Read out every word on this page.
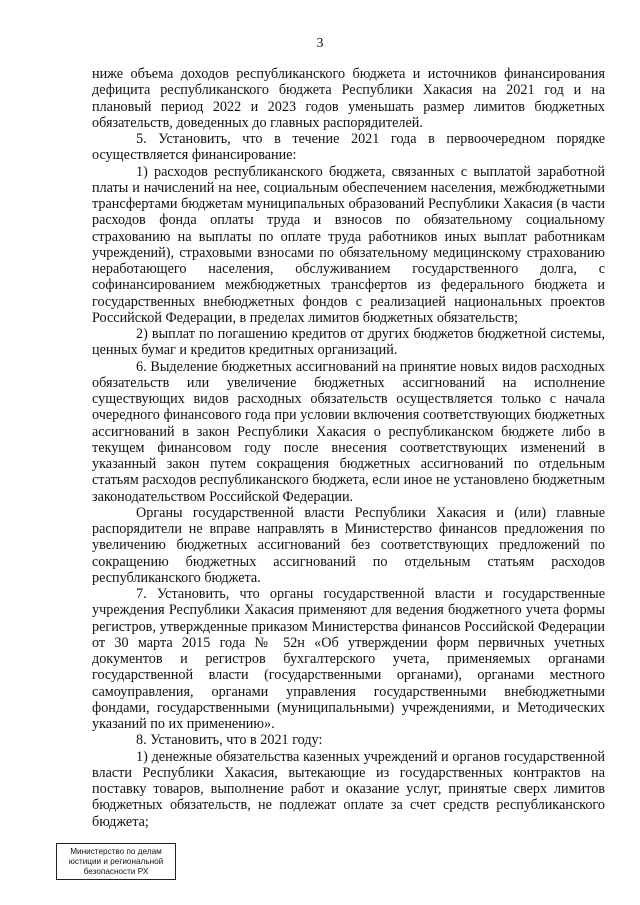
3

ниже объема доходов республиканского бюджета и источников финансирования дефицита республиканского бюджета Республики Хакасия на 2021 год и на плановый период 2022 и 2023 годов уменьшать размер лимитов бюджетных обязательств, доведенных до главных распорядителей.

5. Установить, что в течение 2021 года в первоочередном порядке осуществляется финансирование:

1) расходов республиканского бюджета, связанных с выплатой заработной платы и начислений на нее, социальным обеспечением населения, межбюджетными трансфертами бюджетам муниципальных образований Республики Хакасия (в части расходов фонда оплаты труда и взносов по обязательному социальному страхованию на выплаты по оплате труда работников иных выплат работникам учреждений), страховыми взносами по обязательному медицинскому страхованию неработающего населения, обслуживанием государственного долга, с софинансированием межбюджетных трансфертов из федерального бюджета и государственных внебюджетных фондов с реализацией национальных проектов Российской Федерации, в пределах лимитов бюджетных обязательств;

2) выплат по погашению кредитов от других бюджетов бюджетной системы, ценных бумаг и кредитов кредитных организаций.

6. Выделение бюджетных ассигнований на принятие новых видов расходных обязательств или увеличение бюджетных ассигнований на исполнение существующих видов расходных обязательств осуществляется только с начала очередного финансового года при условии включения соответствующих бюджетных ассигнований в закон Республики Хакасия о республиканском бюджете либо в текущем финансовом году после внесения соответствующих изменений в указанный закон путем сокращения бюджетных ассигнований по отдельным статьям расходов республиканского бюджета, если иное не установлено бюджетным законодательством Российской Федерации.

Органы государственной власти Республики Хакасия и (или) главные распорядители не вправе направлять в Министерство финансов предложения по увеличению бюджетных ассигнований без соответствующих предложений по сокращению бюджетных ассигнований по отдельным статьям расходов республиканского бюджета.

7. Установить, что органы государственной власти и государственные учреждения Республики Хакасия применяют для ведения бюджетного учета формы регистров, утвержденные приказом Министерства финансов Российской Федерации от 30 марта 2015 года № 52н «Об утверждении форм первичных учетных документов и регистров бухгалтерского учета, применяемых органами государственной власти (государственными органами), органами местного самоуправления, органами управления государственными внебюджетными фондами, государственными (муниципальными) учреждениями, и Методических указаний по их применению».

8. Установить, что в 2021 году:

1) денежные обязательства казенных учреждений и органов государственной власти Республики Хакасия, вытекающие из государственных контрактов на поставку товаров, выполнение работ и оказание услуг, принятые сверх лимитов бюджетных обязательств, не подлежат оплате за счет средств республиканского бюджета;

Министерство по делам
юстиции и региональной
безопасности РХ
